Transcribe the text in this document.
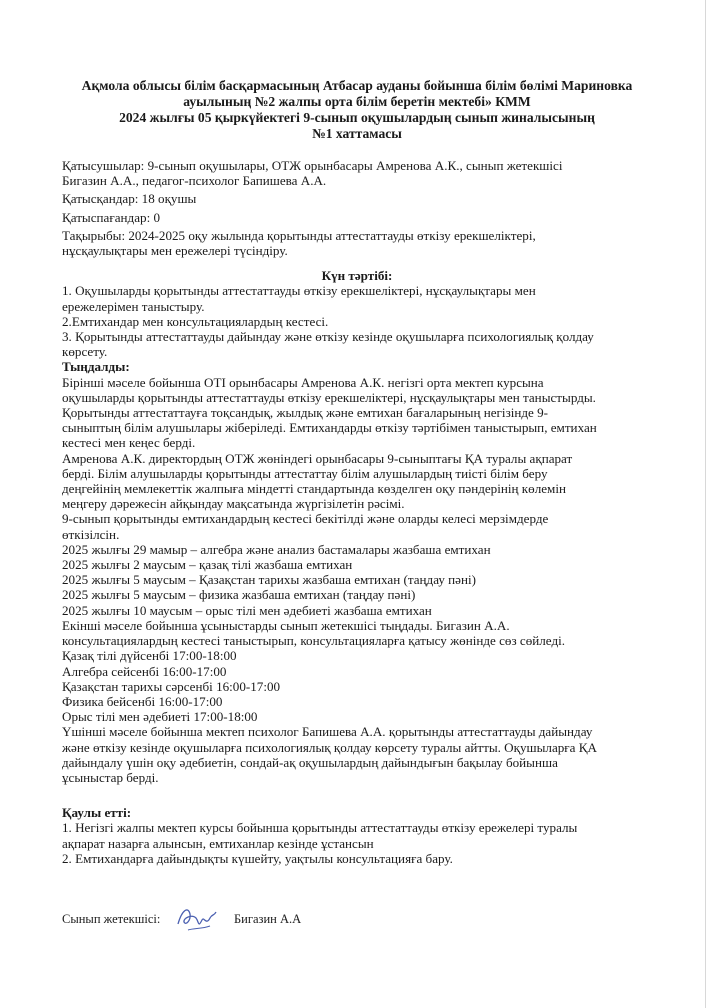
Ақмола облысы білім басқармасының Атбасар ауданы бойынша білім бөлімі Мариновка
ауылының №2 жалпы орта білім беретін мектебі» КММ
2024 жылғы 05 қыркүйектегі 9-сынып оқушылардың сынып жиналысының
№1 хаттамасы
Қатысушылар: 9-сынып оқушылары, ОТЖ орынбасары Амренова А.К., сынып жетекшісі
Бигазин А.А., педагог-психолог Бапишева А.А.
Қатысқандар: 18 оқушы
Қатыспағандар: 0
Тақырыбы: 2024-2025 оқу жылында қорытынды аттестаттауды өткізу ерекшеліктері,
нұсқаулықтары мен ережелері түсіндіру.
Күн тәртібі:
1. Оқушыларды қорытынды аттестаттауды өткізу ерекшеліктері, нұсқаулықтары мен
ережелерімен таныстыру.
2.Емтихандар мен консультациялардың кестесі.
3. Қорытынды аттестаттауды дайындау және өткізу кезінде оқушыларға психологиялық қолдау
көрсету.
Тыңдалды:
Бірінші мәселе бойынша ОТІ орынбасары Амренова А.К. негізгі орта мектеп курсына
оқушыларды қорытынды аттестаттауды өткізу ерекшеліктері, нұсқаулықтары мен таныстырды.
Қорытынды аттестаттауға тоқсандық, жылдық және емтихан бағаларының негізінде 9-
сыныптың білім алушылары жіберіледі. Емтихандарды өткізу тәртібімен таныстырып, емтихан
кестесі мен кеңес берді.
Амренова А.К. директордың ОТЖ жөніндегі орынбасары 9-сыныптағы ҚА туралы ақпарат
берді. Білім алушыларды қорытынды аттестаттау білім алушылардың тиісті білім беру
деңгейінің мемлекеттік жалпыға міндетті стандартында көзделген оқу пәндерінің көлемін
меңгеру дәрежесін айқындау мақсатында жүргізілетін рәсімі.
9-сынып қорытынды емтихандардың кестесі бекітілді және оларды келесі мерзімдерде
өткізілсін.
2025 жылғы 29 мамыр – алгебра және анализ бастамалары жазбаша емтихан
2025 жылғы 2 маусым – қазақ тілі жазбаша емтихан
2025 жылғы 5 маусым – Қазақстан тарихы жазбаша емтихан (таңдау пәні)
2025 жылғы 5 маусым – физика жазбаша емтихан (таңдау пәні)
2025 жылғы 10 маусым – орыс тілі мен әдебиеті жазбаша емтихан
Екінші мәселе бойынша ұсыныстарды сынып жетекшісі тыңдады. Бигазин А.А.
консультациялардың кестесі таныстырып, консультацияларға қатысу жөнінде сөз сөйледі.
Қазақ тілі дүйсенбі 17:00-18:00
Алгебра сейсенбі 16:00-17:00
Қазақстан тарихы сәрсенбі 16:00-17:00
Физика бейсенбі 16:00-17:00
Орыс тілі мен әдебиеті 17:00-18:00
Үшінші мәселе бойынша мектеп психолог Бапишева А.А. қорытынды аттестаттауды дайындау
және өткізу кезінде оқушыларға психологиялық қолдау көрсету туралы айтты. Оқушыларға ҚА
дайындалу үшін оқу әдебиетін, сондай-ақ оқушылардың дайындығын бақылау бойынша
ұсыныстар берді.
Қаулы етті:
1. Негізгі жалпы мектеп курсы бойынша қорытынды аттестаттауды өткізу ережелері туралы
ақпарат назарға алынсын, емтиханлар кезінде ұстансын
2. Емтихандарға дайындықты күшейту, уақтылы консультацияға бару.
Сынып жетекшісі:	Бигазин А.А
